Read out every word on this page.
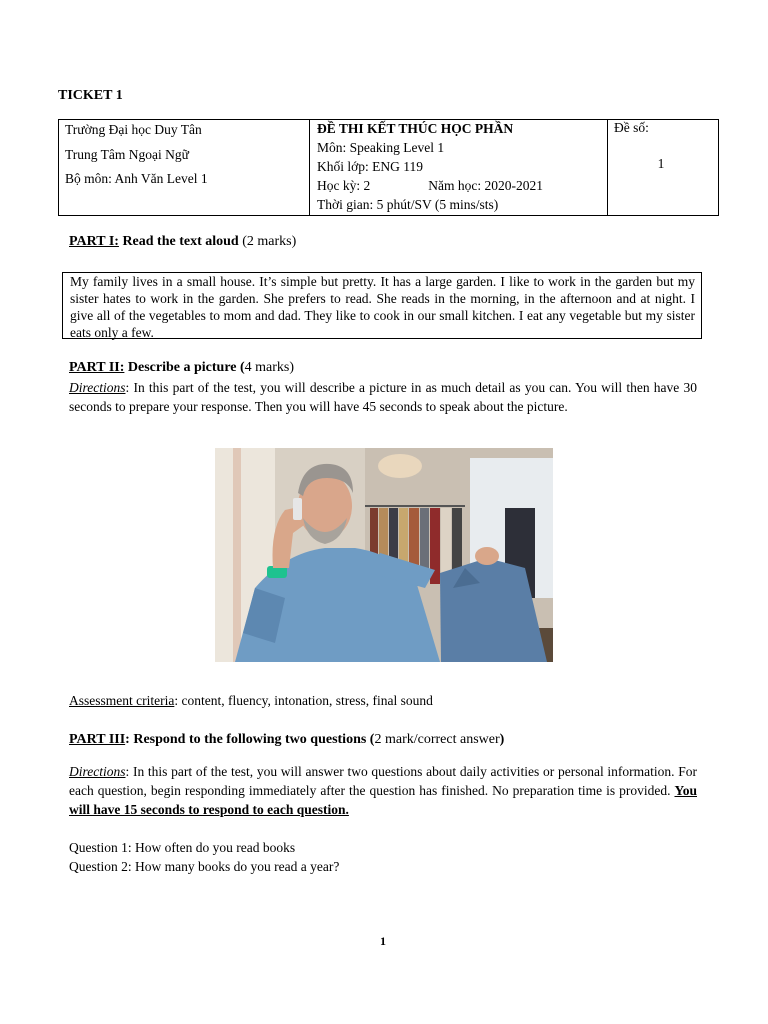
TICKET 1
Trường Đại học Duy Tân
Trung Tâm Ngoại Ngữ
Bộ môn: Anh Văn Level 1

ĐỀ THI KẾT THÚC HỌC PHẦN
Môn: Speaking Level 1
Khối lớp: ENG 119
Học kỳ: 2	Năm học: 2020-2021
Thời gian: 5 phút/SV (5 mins/sts)

Đề số:
1
PART I: Read the text aloud (2 marks)
My family lives in a small house. It’s simple but pretty. It has a large garden. I like to work in the garden but my sister hates to work in the garden. She prefers to read. She reads in the morning, in the afternoon and at night. I give all of the vegetables to mom and dad. They like to cook in our small kitchen. I eat any vegetable but my sister eats only a few.
PART II: Describe a picture (4 marks)
Directions: In this part of the test, you will describe a picture in as much detail as you can. You will then have 30 seconds to prepare your response. Then you will have 45 seconds to speak about the picture.
Assessment criteria: content, fluency, intonation, stress, final sound
PART III: Respond to the following two questions (2 mark/correct answer)
Directions: In this part of the test, you will answer two questions about daily activities or personal information. For each question, begin responding immediately after the question has finished. No preparation time is provided. You will have 15 seconds to respond to each question.
Question 1: How often do you read books
Question 2: How many books do you read a year?
1
